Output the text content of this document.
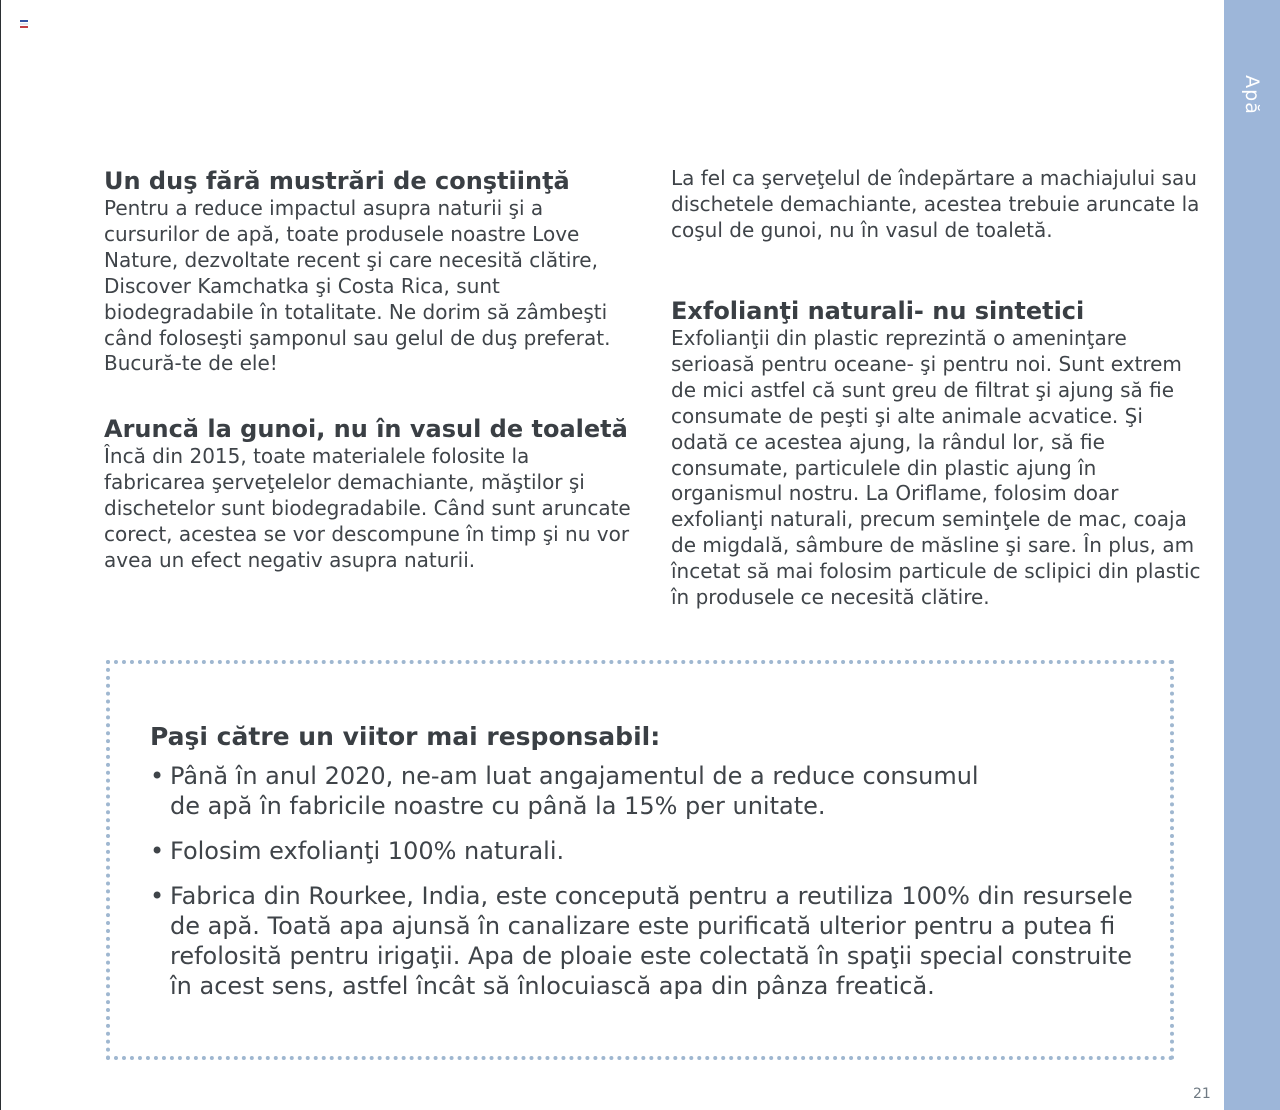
Apă
Un duş fără mustrări de conştiinţă

Pentru a reduce impactul asupra naturii şi a cursurilor de apă, toate produsele noastre Love Nature, dezvoltate recent şi care necesită clătire, Discover Kamchatka şi Costa Rica, sunt biodegradabile în totalitate. Ne dorim să zâmbeşti când foloseşti şamponul sau gelul de duş preferat. Bucură-te de ele!

Aruncă la gunoi, nu în vasul de toaletă

Încă din 2015, toate materialele folosite la fabricarea şerveţelelor demachiante, măştilor şi dischetelor sunt biodegradabile. Când sunt aruncate corect, acestea se vor descompune în timp şi nu vor avea un efect negativ asupra naturii.

La fel ca şerveţelul de îndepărtare a machiajului sau dischetele demachiante, acestea trebuie aruncate la coşul de gunoi, nu în vasul de toaletă.

Exfolianţi naturali- nu sintetici

Exfolianţii din plastic reprezintă o ameninţare serioasă pentru oceane- şi pentru noi. Sunt extrem de mici astfel că sunt greu de filtrat şi ajung să fie consumate de peşti şi alte animale acvatice. Şi odată ce acestea ajung, la rândul lor, să fie consumate, particulele din plastic ajung în organismul nostru. La Oriflame, folosim doar exfolianţi naturali, precum seminţele de mac, coaja de migdală, sâmbure de măsline şi sare. În plus, am încetat să mai folosim particule de sclipici din plastic în produsele ce necesită clătire.

Paşi către un viitor mai responsabil:
• Până în anul 2020, ne-am luat angajamentul de a reduce consumul
de apă în fabricile noastre cu până la 15% per unitate.
• Folosim exfolianţi 100% naturali.
• Fabrica din Rourkee, India, este concepută pentru a reutiliza 100% din resursele
de apă. Toată apa ajunsă în canalizare este purificată ulterior pentru a putea fi
refolosită pentru irigaţii. Apa de ploaie este colectată în spaţii special construite
în acest sens, astfel încât să înlocuiască apa din pânza freatică.
21
